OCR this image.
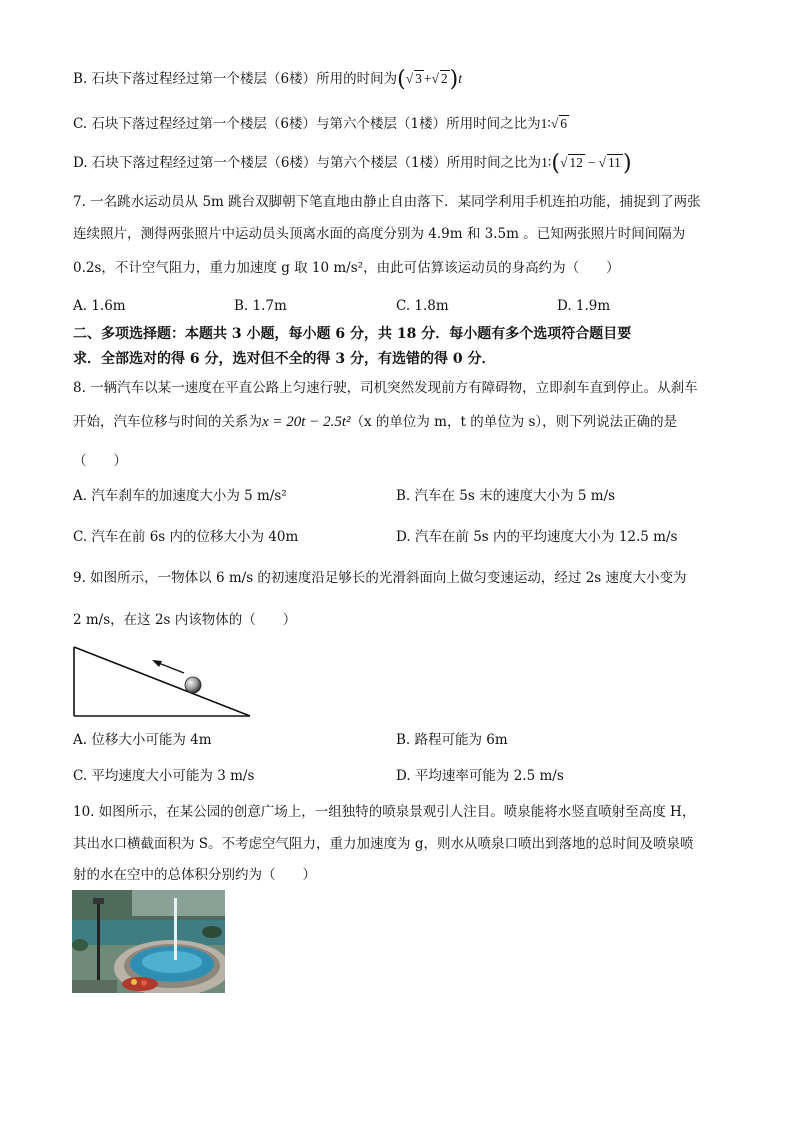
B. 石块下落过程经过第一个楼层（6楼）所用的时间为(√ 3 +√ 2)t
C. 石块下落过程经过第一个楼层（6楼）与第六个楼层（1楼）所用时间之比为1∶√ 6
D. 石块下落过程经过第一个楼层（6楼）与第六个楼层（1楼）所用时间之比为1∶(√ 12 − √ 11)
7. 一名跳水运动员从 5m 跳台双脚朝下笔直地由静止自由落下．某同学利用手机连拍功能，捕捉到了两张
连续照片，测得两张照片中运动员头顶离水面的高度分别为 4.9m 和 3.5m 。已知两张照片时间间隔为
0.2s，不计空气阻力，重力加速度 g 取 10 m/s²，由此可估算该运动员的身高约为（　　）
A. 1.6m	B. 1.7m	C. 1.8m	D. 1.9m
二、多项选择题：本题共 3 小题，每小题 6 分，共 18 分．每小题有多个选项符合题目要
求．全部选对的得 6 分，选对但不全的得 3 分，有选错的得 0 分．
8. 一辆汽车以某一速度在平直公路上匀速行驶，司机突然发现前方有障碍物，立即刹车直到停止。从刹车
开始，汽车位移与时间的关系为x = 20t − 2.5t²（x 的单位为 m，t 的单位为 s），则下列说法正确的是
（　　）
A. 汽车刹车的加速度大小为 5 m/s²	B. 汽车在 5s 末的速度大小为 5 m/s
C. 汽车在前 6s 内的位移大小为 40m	D. 汽车在前 5s 内的平均速度大小为 12.5 m/s
9. 如图所示，一物体以 6 m/s 的初速度沿足够长的光滑斜面向上做匀变速运动，经过 2s 速度大小变为
2 m/s，在这 2s 内该物体的（　　）
A. 位移大小可能为 4m	B. 路程可能为 6m
C. 平均速度大小可能为 3 m/s	D. 平均速率可能为 2.5 m/s
10. 如图所示，在某公园的创意广场上，一组独特的喷泉景观引人注目。喷泉能将水竖直喷射至高度 H，
其出水口横截面积为 S。不考虑空气阻力，重力加速度为 g，则水从喷泉口喷出到落地的总时间及喷泉喷
射的水在空中的总体积分别约为（　　）
